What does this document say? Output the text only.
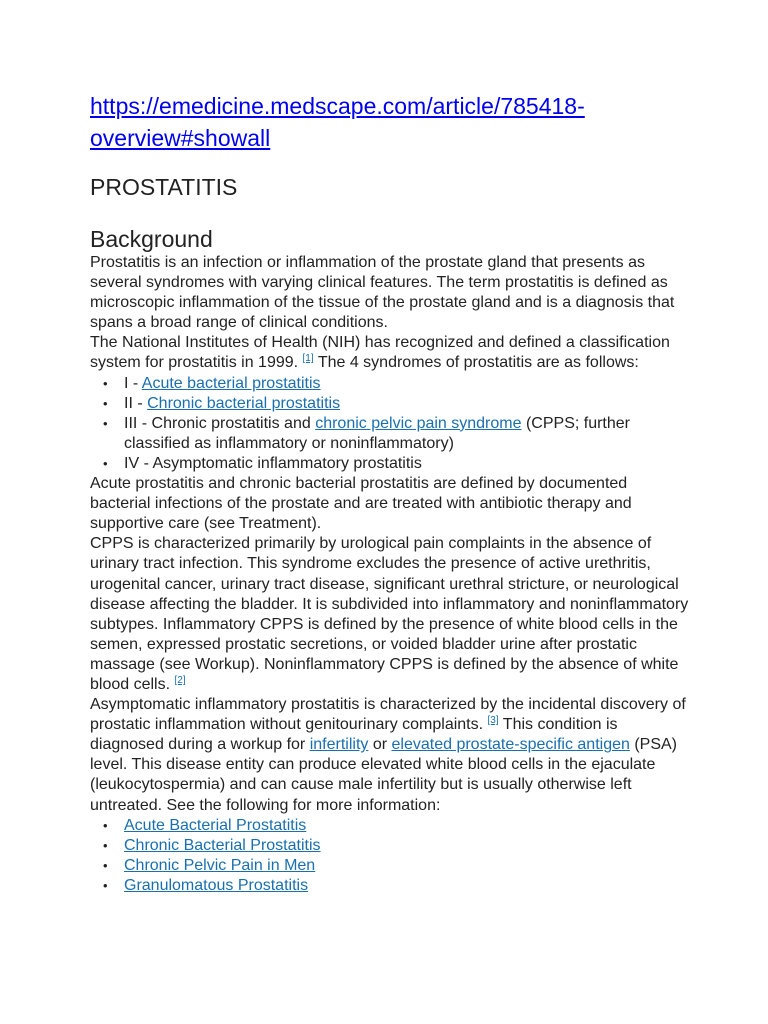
https://emedicine.medscape.com/article/785418-overview#showall
PROSTATITIS
Background

Prostatitis is an infection or inflammation of the prostate gland that presents as several syndromes with varying clinical features. The term prostatitis is defined as microscopic inflammation of the tissue of the prostate gland and is a diagnosis that spans a broad range of clinical conditions.

The National Institutes of Health (NIH) has recognized and defined a classification system for prostatitis in 1999. [1] The 4 syndromes of prostatitis are as follows:

• I - Acute bacterial prostatitis
• II - Chronic bacterial prostatitis
• III - Chronic prostatitis and chronic pelvic pain syndrome (CPPS; further classified as inflammatory or noninflammatory)
• IV - Asymptomatic inflammatory prostatitis

Acute prostatitis and chronic bacterial prostatitis are defined by documented bacterial infections of the prostate and are treated with antibiotic therapy and supportive care (see Treatment).

CPPS is characterized primarily by urological pain complaints in the absence of urinary tract infection. This syndrome excludes the presence of active urethritis, urogenital cancer, urinary tract disease, significant urethral stricture, or neurological disease affecting the bladder. It is subdivided into inflammatory and noninflammatory subtypes. Inflammatory CPPS is defined by the presence of white blood cells in the semen, expressed prostatic secretions, or voided bladder urine after prostatic massage (see Workup). Noninflammatory CPPS is defined by the absence of white blood cells. [2]

Asymptomatic inflammatory prostatitis is characterized by the incidental discovery of prostatic inflammation without genitourinary complaints. [3] This condition is diagnosed during a workup for infertility or elevated prostate-specific antigen (PSA) level. This disease entity can produce elevated white blood cells in the ejaculate (leukocytospermia) and can cause male infertility but is usually otherwise left untreated. See the following for more information:

• Acute Bacterial Prostatitis
• Chronic Bacterial Prostatitis
• Chronic Pelvic Pain in Men
• Granulomatous Prostatitis
